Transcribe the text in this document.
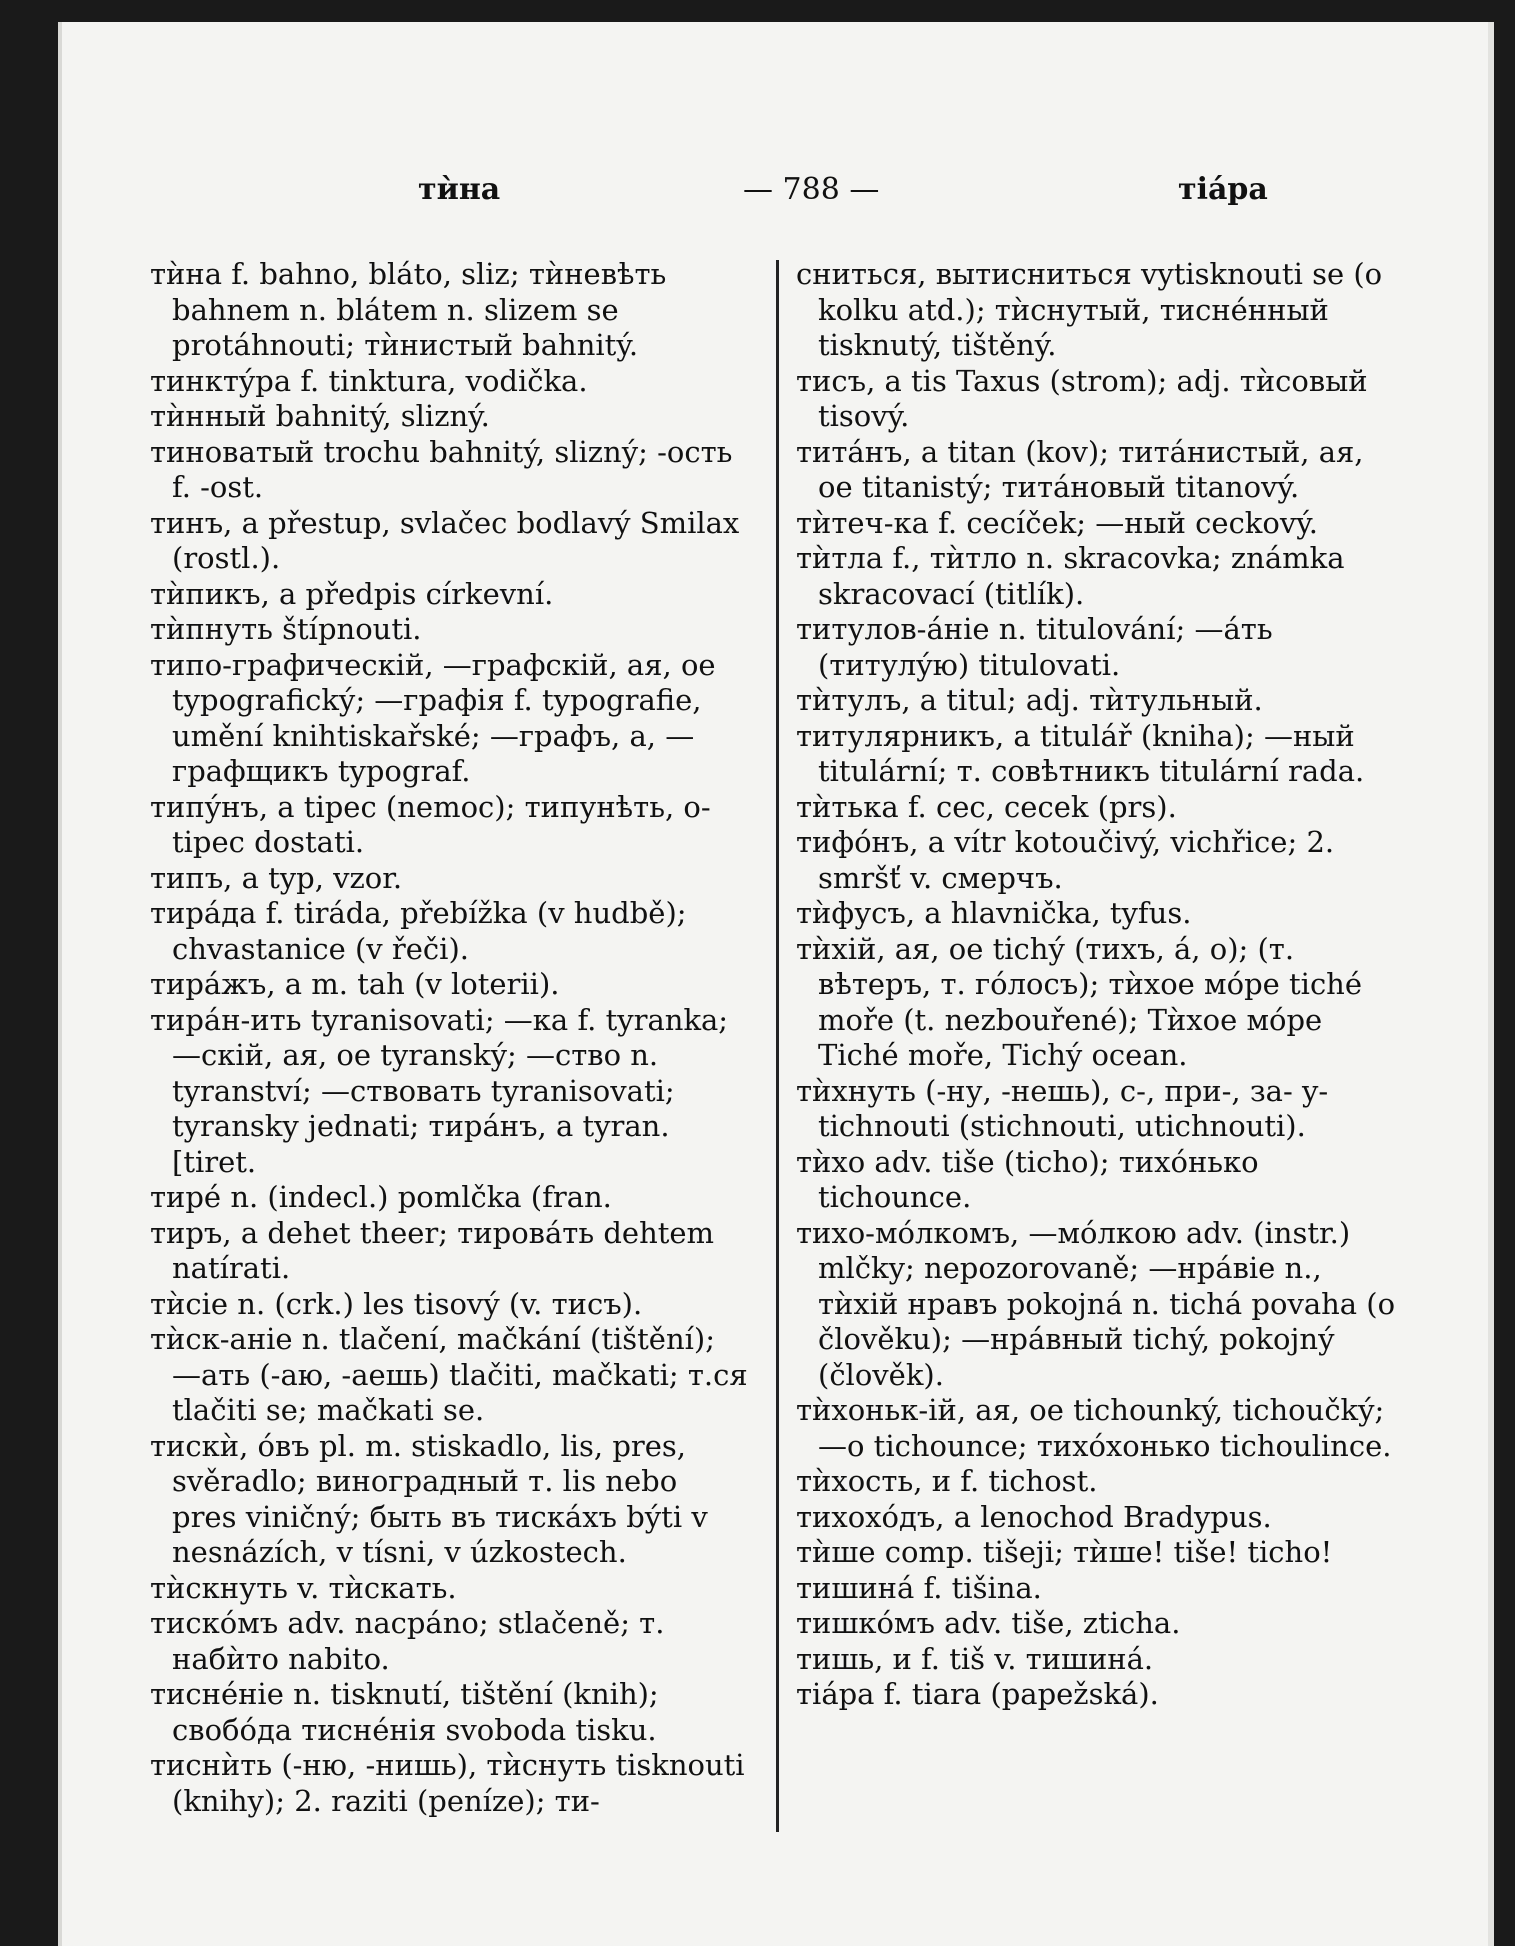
тѝна	— 788 —	тiápa

тѝна f. bahno, bláto, sliz; тѝневѣть bahnem n. blátem n. slizem se protáhnouti; тѝнистый bahnitý.

тинктýра f. tinktura, vodička.

тѝнный bahnitý, slizný.

тиноватый trochu bahnitý, slizný; -ость f. -ost.

тинъ, a přestup, svlačec bodlavý Smilax (rostl.).

тѝпикъ, a předpis církevní.

тѝпнуть štípnouti.

типо-графическій, —графскій, ая, ое typografický; —графія f. typografie, umění knihtiskařské; —графъ, a, —графщикъ typograf.

типýнъ, a tipec (nemoc); типунѣть, o- tipec dostati.

типъ, a typ, vzor.

тирáда f. tiráda, přebížka (v hudbě); chvastanice (v řeči).

тирáжъ, a m. tah (v loterii).

тирáн-ить tyranisovati; —ка f. tyranka; —скій, ая, ое tyranský; —ство n. tyranství; —ствовать tyranisovati; tyransky jednati; тирáнъ, a tyran. [tiret.

тирé n. (indecl.) pomlčka (fran.

тиръ, a dehet theer; тировáть dehtem natírati.

тѝсie n. (crk.) les tisový (v. тисъ).

тѝск-анie n. tlačení, mačkání (tištění); —ать (-аю, -аешь) tlačiti, mačkati; т.ся tlačiti se; mačkati se.

тискѝ, óвъ pl. m. stiskadlo, lis, pres, svěradlo; виноградный т. lis nebo pres viničný; быть въ тискáхъ býti v nesnázích, v tísni, v úzkostech.

тѝскнуть v. тѝскать.

тискóмъ adv. nacpáno; stlačeně; т. набѝто nabito.

тиснéніе n. tisknutí, tištění (knih); свобóда тиснéнія svoboda tisku.

тиснѝть (-ню, -нишь), тѝснуть tisknouti (knihy); 2. raziti (peníze); ти-

сниться, вытисниться vytisknouti se (o kolku atd.); тѝснутый, тиснéнный tisknutý, tištěný.

тисъ, a tis Taxus (strom); adj. тѝсовый tisový.

титáнъ, a titan (kov); титáнистый, ая, ое titanistý; титáновый titanový.

тѝтеч-ка f. cecíček; —ный ceckový.

тѝтла f., тѝтло n. skracovka; známka skracovací (titlík).

титулов-áнie n. titulování; —áть (титулýю) titulovati.

тѝтулъ, a titul; adj. тѝтульный.

титулярникъ, a titulář (kniha); —ный titulární; т. совѣтникъ titulární rada.

тѝтька f. cec, cecek (prs).

тифóнъ, a vítr kotoučivý, vichřice; 2. smršť v. смерчъ.

тѝфусъ, a hlavnička, tyfus.

тѝхій, ая, ое tichý (тихъ, á, о); (т. вѣтеръ, т. гóлосъ); тѝхое мóре tiché moře (t. nezbouřené); Тѝхое мóре Tiché moře, Tichý ocean.

тѝхнуть (-ну, -нешь), с-, при-, за- y- tichnouti (stichnouti, utichnouti).

тѝхо adv. tiše (ticho); тихóнько tichounce.

тихо-мóлкомъ, —мóлкою adv. (instr.) mlčky; nepozorovaně; —нрáвie n., тѝхій нравъ pokojná n. tichá povaha (o člověku); —нрáвный tichý, pokojný (člověk).

тѝхоньк-ій, ая, ое tichounký, tichoučký; —о tichounce; тихóхонько tichoulince.

тѝхость, и f. tichost.

тихохóдъ, a lenochod Bradypus.

тѝше comp. tišeji; тѝше! tiše! ticho!

тишинá f. tišina.

тишкóмъ adv. tiše, zticha.

тишь, и f. tiš v. тишинá.

тiápa f. tiara (papežská).
